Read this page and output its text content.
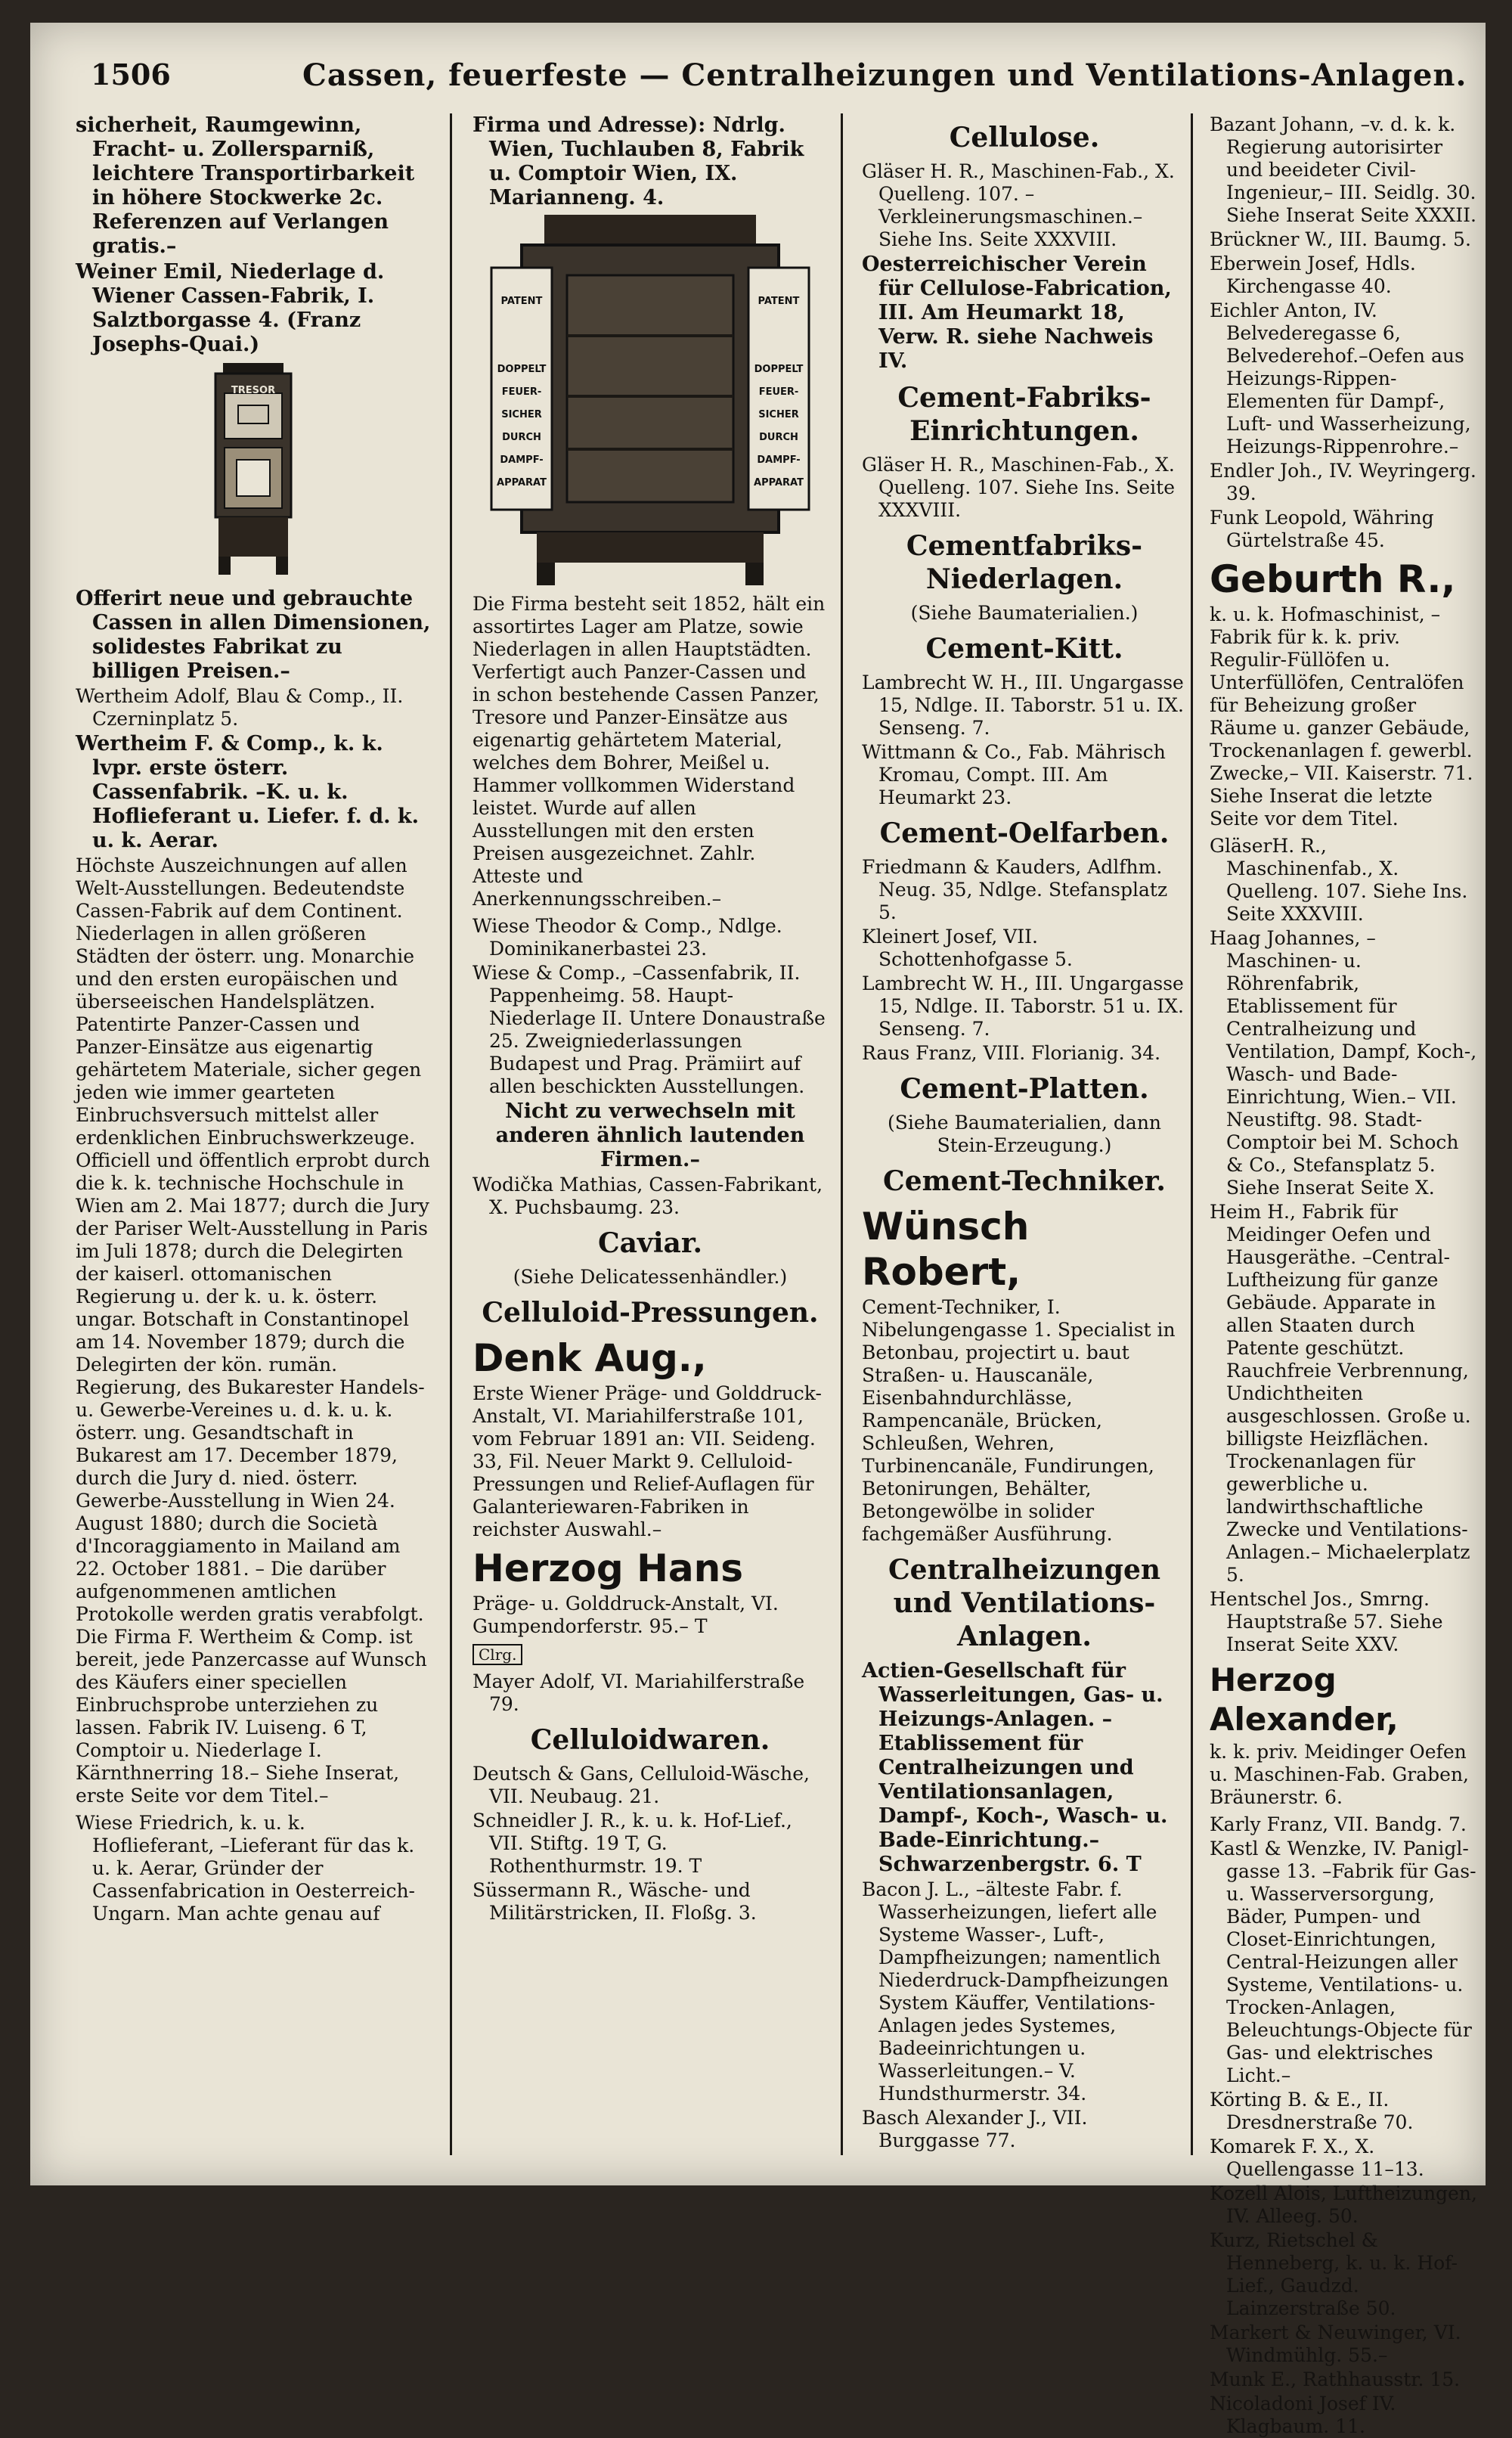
1506	Cassen, feuerfeste — Centralheizungen und Ventilations-Anlagen.
sicherheit, Raumgewinn, Fracht- u. Zollersparniß, leichtere Transportirbarkeit in höhere Stockwerke 2c. Referenzen auf Verlangen gratis.–
Weiner Emil, Niederlage d. Wiener Cassen-Fabrik, I. Salztborgasse 4. (Franz Josephs-Quai.)
TRESOR
Offerirt neue und gebrauchte Cassen in allen Dimensionen, solidestes Fabrikat zu billigen Preisen.–
Wertheim Adolf, Blau & Comp., II. Czerninplatz 5.
Wertheim F. & Comp., k. k. lvpr. erste österr. Cassenfabrik. –K. u. k. Hoflieferant u. Liefer. f. d. k. u. k. Aerar.
Höchste Auszeichnungen auf allen Welt-Ausstellungen. Bedeutendste Cassen-Fabrik auf dem Continent. Niederlagen in allen größeren Städten der österr. ung. Monarchie und den ersten europäischen und überseeischen Handelsplätzen. Patentirte Panzer-Cassen und Panzer-Einsätze aus eigenartig gehärtetem Materiale, sicher gegen jeden wie immer gearteten Einbruchsversuch mittelst aller erdenklichen Einbruchswerkzeuge. Officiell und öffentlich erprobt durch die k. k. technische Hochschule in Wien am 2. Mai 1877; durch die Jury der Pariser Welt-Ausstellung in Paris im Juli 1878; durch die Delegirten der kaiserl. ottomanischen Regierung u. der k. u. k. österr. ungar. Botschaft in Constantinopel am 14. November 1879; durch die Delegirten der kön. rumän. Regierung, des Bukarester Handels- u. Gewerbe-Vereines u. d. k. u. k. österr. ung. Gesandtschaft in Bukarest am 17. December 1879, durch die Jury d. nied. österr. Gewerbe-Ausstellung in Wien 24. August 1880; durch die Società d'Incoraggiamento in Mailand am 22. October 1881. – Die darüber aufgenommenen amtlichen Protokolle werden gratis verabfolgt. Die Firma F. Wertheim & Comp. ist bereit, jede Panzercasse auf Wunsch des Käufers einer speciellen Einbruchsprobe unterziehen zu lassen. Fabrik IV. Luiseng. 6 T, Comptoir u. Niederlage I. Kärnthnerring 18.– Siehe Inserat, erste Seite vor dem Titel.–
Wiese Friedrich, k. u. k. Hoflieferant, –Lieferant für das k. u. k. Aerar, Gründer der Cassenfabrication in Oesterreich-Ungarn. Man achte genau auf
Firma und Adresse): Ndrlg. Wien, Tuchlauben 8, Fabrik u. Comptoir Wien, IX. Marianneng. 4.
PATENT
DOPPELT FEUER-SICHER DURCH DAMPF-APPARAT
PATENT
DOPPELT FEUER-SICHER DURCH DAMPF-APPARAT
Die Firma besteht seit 1852, hält ein assortirtes Lager am Platze, sowie Niederlagen in allen Hauptstädten. Verfertigt auch Panzer-Cassen und in schon bestehende Cassen Panzer, Tresore und Panzer-Einsätze aus eigenartig gehärtetem Material, welches dem Bohrer, Meißel u. Hammer vollkommen Widerstand leistet. Wurde auf allen Ausstellungen mit den ersten Preisen ausgezeichnet. Zahlr. Atteste und Anerkennungsschreiben.–
Wiese Theodor & Comp., Ndlge. Dominikanerbastei 23.
Wiese & Comp., –Cassenfabrik, II. Pappenheimg. 58. Haupt-Niederlage II. Untere Donaustraße 25. Zweigniederlassungen Budapest und Prag. Prämiirt auf allen beschickten Ausstellungen.
Nicht zu verwechseln mit anderen ähnlich lautenden Firmen.–
Wodička Mathias, Cassen-Fabrikant, X. Puchsbaumg. 23.
Caviar.
(Siehe Delicatessenhändler.)
Celluloid-Pressungen.
Denk Aug.,
Erste Wiener Präge- und Golddruck-Anstalt, VI. Mariahilferstraße 101, vom Februar 1891 an: VII. Seideng. 33, Fil. Neuer Markt 9. Celluloid-Pressungen und Relief-Auflagen für Galanteriewaren-Fabriken in reichster Auswahl.–
Herzog Hans
Präge- u. Golddruck-Anstalt, VI. Gumpendorferstr. 95.– T
Clrg.
Mayer Adolf, VI. Mariahilferstraße 79.
Celluloidwaren.
Deutsch & Gans, Celluloid-Wäsche, VII. Neubaug. 21.
Schneidler J. R., k. u. k. Hof-Lief., VII. Stiftg. 19 T, G. Rothenthurmstr. 19. T
Süssermann R., Wäsche- und Militärstricken, II. Floßg. 3.
Cellulose.
Gläser H. R., Maschinen-Fab., X. Quelleng. 107. –Verkleinerungsmaschinen.– Siehe Ins. Seite XXXVIII.
Oesterreichischer Verein für Cellulose-Fabrication, III. Am Heumarkt 18, Verw. R. siehe Nachweis IV.
Cement-Fabriks-Einrichtungen.
Gläser H. R., Maschinen-Fab., X. Quelleng. 107. Siehe Ins. Seite XXXVIII.
Cementfabriks-Niederlagen.
(Siehe Baumaterialien.)
Cement-Kitt.
Lambrecht W. H., III. Ungargasse 15, Ndlge. II. Taborstr. 51 u. IX. Senseng. 7.
Wittmann & Co., Fab. Mährisch Kromau, Compt. III. Am Heumarkt 23.
Cement-Oelfarben.
Friedmann & Kauders, Adlfhm. Neug. 35, Ndlge. Stefansplatz 5.
Kleinert Josef, VII. Schottenhofgasse 5.
Lambrecht W. H., III. Ungargasse 15, Ndlge. II. Taborstr. 51 u. IX. Senseng. 7.
Raus Franz, VIII. Florianig. 34.
Cement-Platten.
(Siehe Baumaterialien, dann Stein-Erzeugung.)
Cement-Techniker.
Wünsch Robert,
Cement-Techniker, I. Nibelungengasse 1. Specialist in Betonbau, projectirt u. baut Straßen- u. Hauscanäle, Eisenbahndurchlässe, Rampencanäle, Brücken, Schleußen, Wehren, Turbinencanäle, Fundirungen, Betonirungen, Behälter, Betongewölbe in solider fachgemäßer Ausführung.
Centralheizungen und Ventilations-Anlagen.
Actien-Gesellschaft für Wasserleitungen, Gas- u. Heizungs-Anlagen. –Etablissement für Centralheizungen und Ventilationsanlagen, Dampf-, Koch-, Wasch- u. Bade-Einrichtung.– Schwarzenbergstr. 6. T
Bacon J. L., –älteste Fabr. f. Wasserheizungen, liefert alle Systeme Wasser-, Luft-, Dampfheizungen; namentlich Niederdruck-Dampfheizungen System Käuffer, Ventilations-Anlagen jedes Systemes, Badeeinrichtungen u. Wasserleitungen.– V. Hundsthurmerstr. 34.
Basch Alexander J., VII. Burggasse 77.
Bazant Johann, –v. d. k. k. Regierung autorisirter und beeideter Civil-Ingenieur,– III. Seidlg. 30. Siehe Inserat Seite XXXII.
Brückner W., III. Baumg. 5.
Eberwein Josef, Hdls. Kirchengasse 40.
Eichler Anton, IV. Belvederegasse 6, Belvederehof.–Oefen aus Heizungs-Rippen-Elementen für Dampf-, Luft- und Wasserheizung, Heizungs-Rippenrohre.–
Endler Joh., IV. Weyringerg. 39.
Funk Leopold, Währing Gürtelstraße 45.
Geburth R.,
k. u. k. Hofmaschinist, –Fabrik für k. k. priv. Regulir-Füllöfen u. Unterfüllöfen, Centralöfen für Beheizung großer Räume u. ganzer Gebäude, Trockenanlagen f. gewerbl. Zwecke,– VII. Kaiserstr. 71. Siehe Inserat die letzte Seite vor dem Titel.
GläserH. R., Maschinenfab., X. Quelleng. 107. Siehe Ins. Seite XXXVIII.
Haag Johannes, –Maschinen- u. Röhrenfabrik, Etablissement für Centralheizung und Ventilation, Dampf, Koch-, Wasch- und Bade-Einrichtung, Wien.– VII. Neustiftg. 98. Stadt-Comptoir bei M. Schoch & Co., Stefansplatz 5. Siehe Inserat Seite X.
Heim H., Fabrik für Meidinger Oefen und Hausgeräthe. –Central-Luftheizung für ganze Gebäude. Apparate in allen Staaten durch Patente geschützt. Rauchfreie Verbrennung, Undichtheiten ausgeschlossen. Große u. billigste Heizflächen. Trockenanlagen für gewerbliche u. landwirthschaftliche Zwecke und Ventilations-Anlagen.– Michaelerplatz 5.
Hentschel Jos., Smrng. Hauptstraße 57. Siehe Inserat Seite XXV.
Herzog Alexander,
k. k. priv. Meidinger Oefen u. Maschinen-Fab. Graben, Bräunerstr. 6.
Karly Franz, VII. Bandg. 7.
Kastl & Wenzke, IV. Panigl-gasse 13. –Fabrik für Gas- u. Wasserversorgung, Bäder, Pumpen- und Closet-Einrichtungen, Central-Heizungen aller Systeme, Ventilations- u. Trocken-Anlagen, Beleuchtungs-Objecte für Gas- und elektrisches Licht.–
Körting B. & E., II. Dresdnerstraße 70.
Komarek F. X., X. Quellengasse 11–13.
Kozell Alois, Luftheizungen, IV. Alleeg. 50.
Kurz, Rietschel & Henneberg, k. u. k. Hof-Lief., Gaudzd. Lainzerstraße 50.
Markert & Neuwinger, VI. Windmühlg. 55.–
Munk E., Rathhausstr. 15.
Nicoladoni Josef IV. Klagbaum. 11.
